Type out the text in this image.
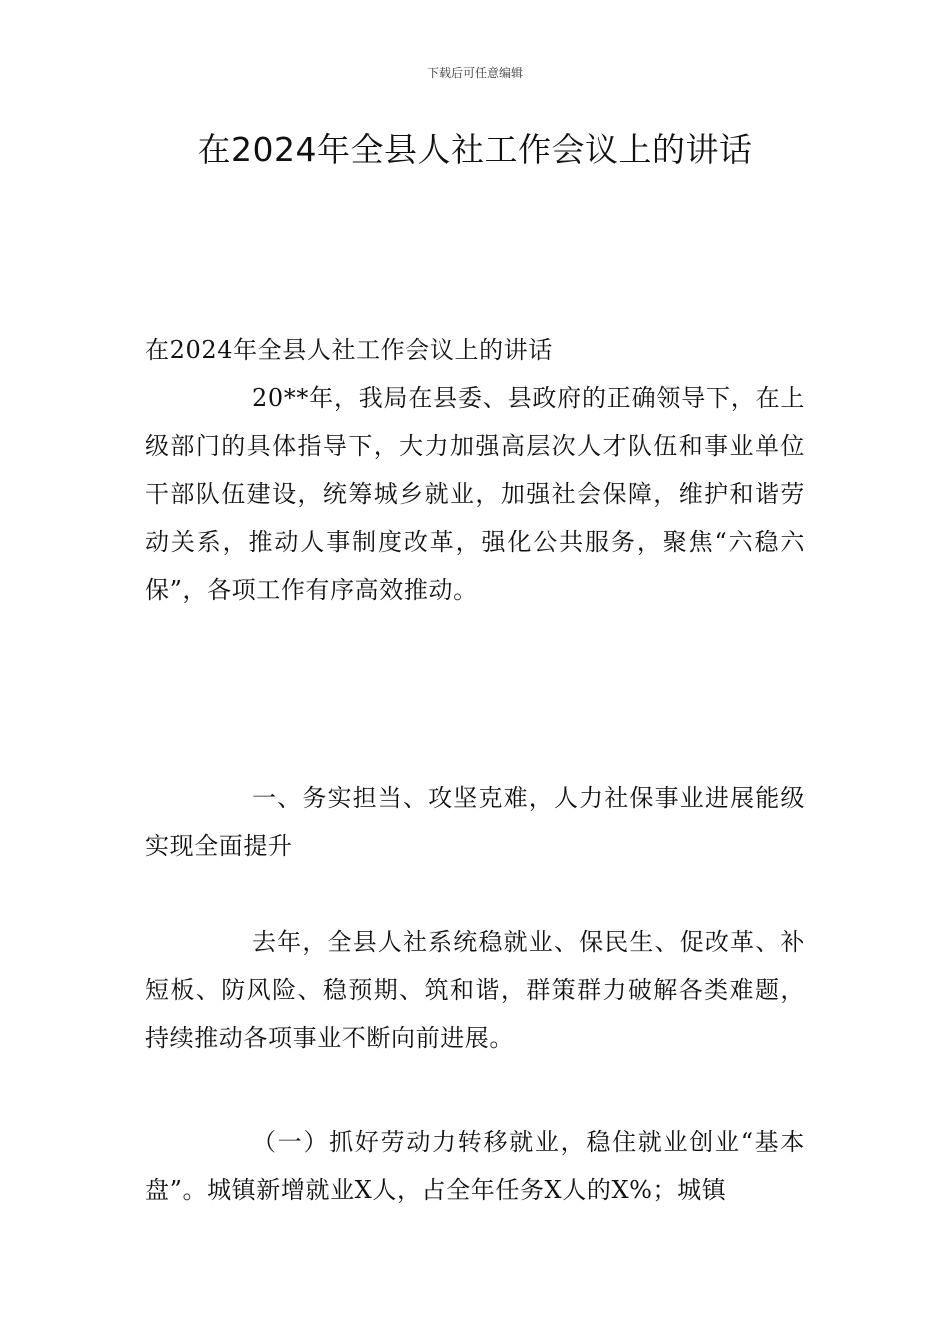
下载后可任意编辑
在2024年全县人社工作会议上的讲话

在2024年全县人社工作会议上的讲话

20**年，我局在县委、县政府的正确领导下，在上级部门的具体指导下，大力加强高层次人才队伍和事业单位干部队伍建设，统筹城乡就业，加强社会保障，维护和谐劳动关系，推动人事制度改革，强化公共服务，聚焦“六稳六保”，各项工作有序高效推动。

一、务实担当、攻坚克难，人力社保事业进展能级实现全面提升

去年，全县人社系统稳就业、保民生、促改革、补短板、防风险、稳预期、筑和谐，群策群力破解各类难题，持续推动各项事业不断向前进展。

（一）抓好劳动力转移就业，稳住就业创业“基本盘”。城镇新增就业X人，占全年任务X人的X%；城镇
